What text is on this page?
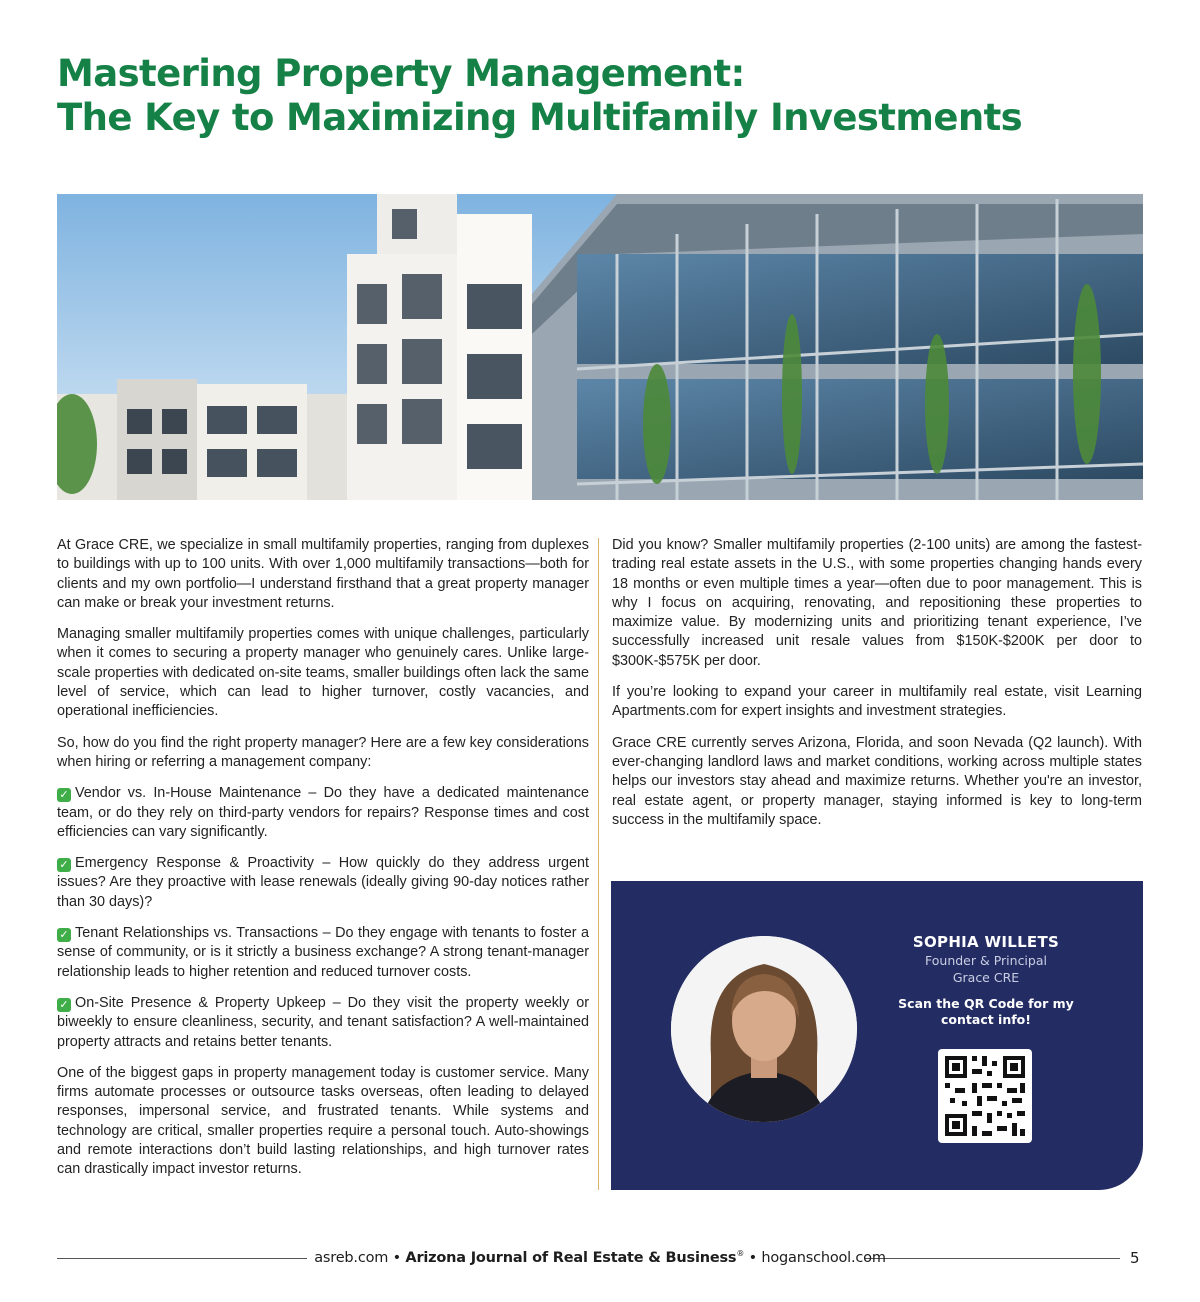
Mastering Property Management:
The Key to Maximizing Multifamily Investments

At Grace CRE, we specialize in small multifamily properties, ranging from duplexes to buildings with up to 100 units. With over 1,000 multifamily transactions—both for clients and my own portfolio—I understand firsthand that a great property manager can make or break your investment returns.

Managing smaller multifamily properties comes with unique challenges, particularly when it comes to securing a property manager who genuinely cares. Unlike large-scale properties with dedicated on-site teams, smaller buildings often lack the same level of service, which can lead to higher turnover, costly vacancies, and operational inefficiencies.

So, how do you find the right property manager? Here are a few key considerations when hiring or referring a management company:

✓ Vendor vs. In-House Maintenance – Do they have a dedicated maintenance team, or do they rely on third-party vendors for repairs? Response times and cost efficiencies can vary significantly.

✓ Emergency Response & Proactivity – How quickly do they address urgent issues? Are they proactive with lease renewals (ideally giving 90-day notices rather than 30 days)?

✓ Tenant Relationships vs. Transactions – Do they engage with tenants to foster a sense of community, or is it strictly a business exchange? A strong tenant-manager relationship leads to higher retention and reduced turnover costs.

✓ On-Site Presence & Property Upkeep – Do they visit the property weekly or biweekly to ensure cleanliness, security, and tenant satisfaction? A well-maintained property attracts and retains better tenants.

One of the biggest gaps in property management today is customer service. Many firms automate processes or outsource tasks overseas, often leading to delayed responses, impersonal service, and frustrated tenants. While systems and technology are critical, smaller properties require a personal touch. Auto-showings and remote interactions don’t build lasting relationships, and high turnover rates can drastically impact investor returns.

Did you know? Smaller multifamily properties (2-100 units) are among the fastest-trading real estate assets in the U.S., with some properties changing hands every 18 months or even multiple times a year—often due to poor management. This is why I focus on acquiring, renovating, and repositioning these properties to maximize value. By modernizing units and prioritizing tenant experience, I’ve successfully increased unit resale values from $150K-$200K per door to $300K-$575K per door.

If you’re looking to expand your career in multifamily real estate, visit Learning Apartments.com for expert insights and investment strategies.

Grace CRE currently serves Arizona, Florida, and soon Nevada (Q2 launch). With ever-changing landlord laws and market conditions, working across multiple states helps our investors stay ahead and maximize returns. Whether you're an investor, real estate agent, or property manager, staying informed is key to long-term success in the multifamily space.

SOPHIA WILLETS
Founder & Principal
Grace CRE
Scan the QR Code for my contact info!
asreb.com • Arizona Journal of Real Estate & Business® • hoganschool.com	5
